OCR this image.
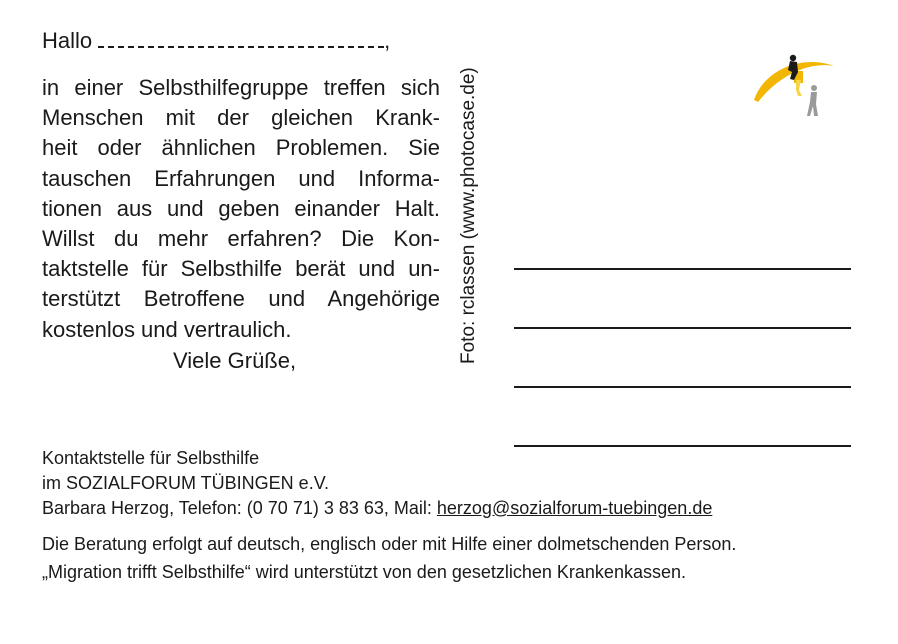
Hallo	,
in einer Selbsthilfegruppe treffen sich
Menschen mit der gleichen Krank-
heit oder ähnlichen Problemen. Sie
tauschen Erfahrungen und Informa-
tionen aus und geben einander Halt.
Willst du mehr erfahren? Die Kon-
taktstelle für Selbsthilfe berät und un-
terstützt Betroffene und Angehörige
kostenlos und vertraulich.
Viele Grüße,	Foto: rclassen (www.photocase.de)
Kontaktstelle für Selbsthilfe
im SOZIALFORUM TÜBINGEN e.V.
Barbara Herzog, Telefon: (0 70 71) 3 83 63, Mail: herzog@sozialforum-tuebingen.de
Die Beratung erfolgt auf deutsch, englisch oder mit Hilfe einer dolmetschenden Person.
„Migration trifft Selbsthilfe“ wird unterstützt von den gesetzlichen Krankenkassen.
